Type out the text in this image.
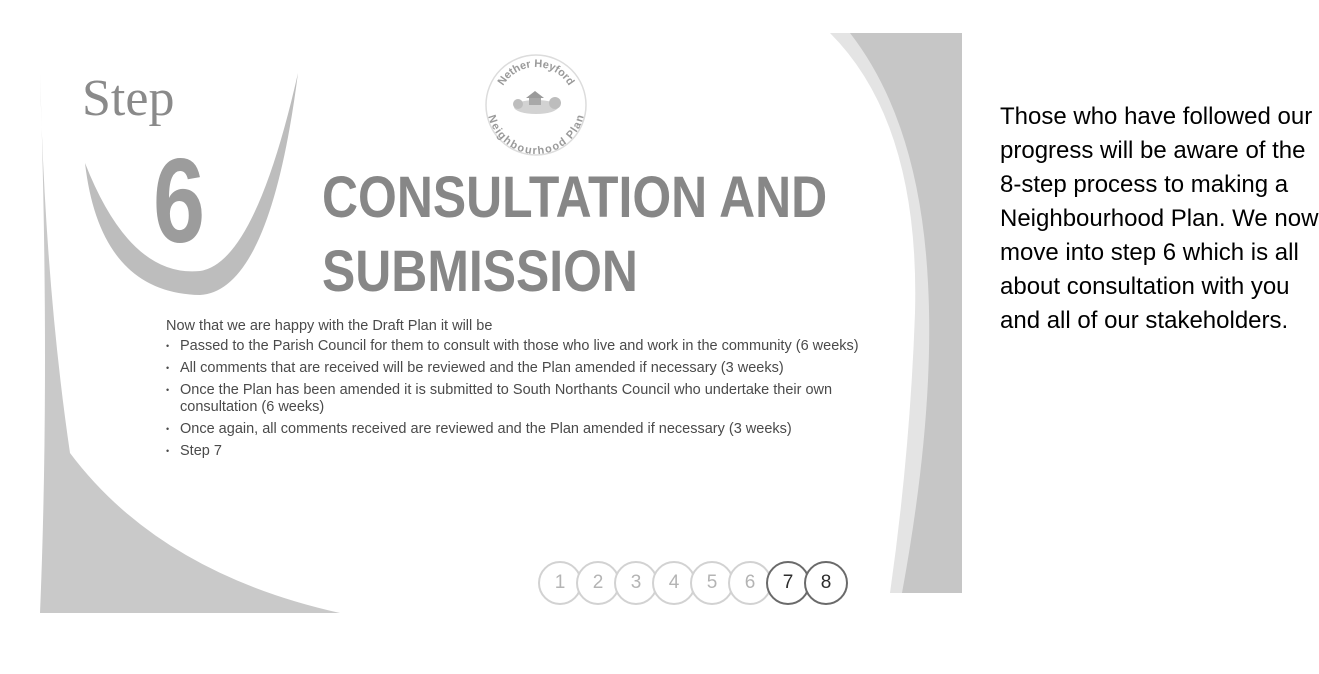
Step

6

Nether Heyford
Neighbourhood Plan
CONSULTATION AND
SUBMISSION

Now that we are happy with the Draft Plan it will be

• Passed to the Parish Council for them to consult with those who live and work in the community (6 weeks)
• All comments that are received will be reviewed and the Plan amended if necessary (3 weeks)
• Once the Plan has been amended it is submitted to South Northants Council who undertake their own consultation (6 weeks)
• Once again, all comments received are reviewed and the Plan amended if necessary (3 weeks)
• Step 7
1	2	3	4	5	6	7	8

Those who have followed our progress will be aware of the 8-step process to making a Neighbourhood Plan. We now move into step 6 which is all about consultation with you and all of our stakeholders.
